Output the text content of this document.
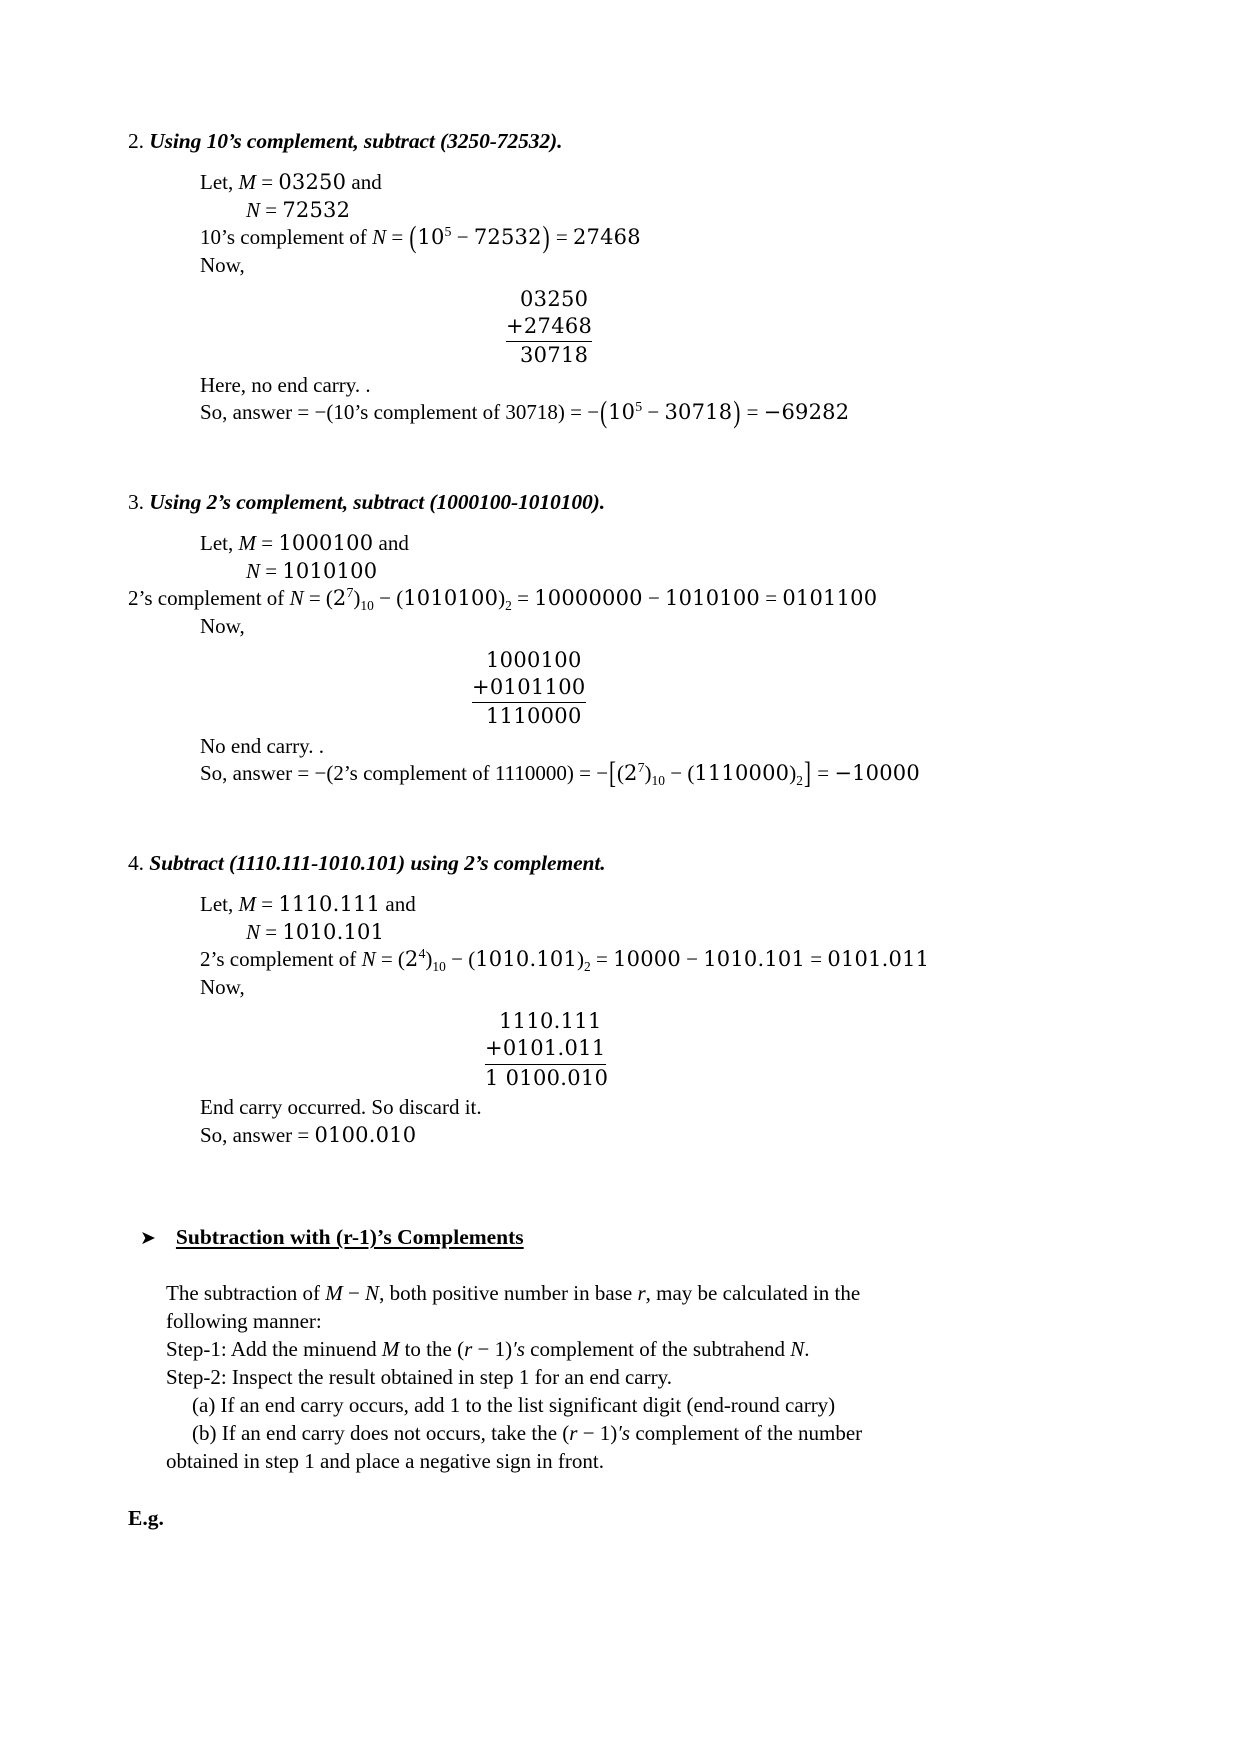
2. Using 10’s complement, subtract (3250-72532).
Let, M = 03250 and
N = 72532
10’s complement of $N = (10^5 - 72532) = 27468$
Now,
03250
+27468
30718
Here, no end carry. .
So, answer = −(10’s complement of $30718) = -(10^5 - 30718) = -69282$
3. Using 2’s complement, subtract (1000100-1010100).
Let, M = 1000100 and
N = 1010100
2’s complement of $N = (2^7)_{10} - (1010100)_2 = 10000000 - 1010100 = 0101100$
Now,
1000100
+0101100
1110000
No end carry. .
So, answer = −(2’s complement of $1110000) = -[(2^7)_{10} - (1110000)_2] = -10000$
4. Subtract (1110.111-1010.101) using 2’s complement.
Let, M = 1110.111 and
N = 1010.101
2’s complement of $N = (2^4)_{10} - (1010.101)_2 = 10000 - 1010.101 = 0101.011$
Now,
1110.111
+0101.011
1 0100.010
End carry occurred. So discard it.
So, answer = 0100.010
➤ Subtraction with (r-1)’s Complements
The subtraction of M − N, both positive number in base r, may be calculated in the
following manner:
Step-1: Add the minuend M to the (r − 1)′s complement of the subtrahend N.
Step-2: Inspect the result obtained in step 1 for an end carry.
(a) If an end carry occurs, add 1 to the list significant digit (end-round carry)
(b) If an end carry does not occurs, take the (r − 1)′s complement of the number
obtained in step 1 and place a negative sign in front.
E.g.
